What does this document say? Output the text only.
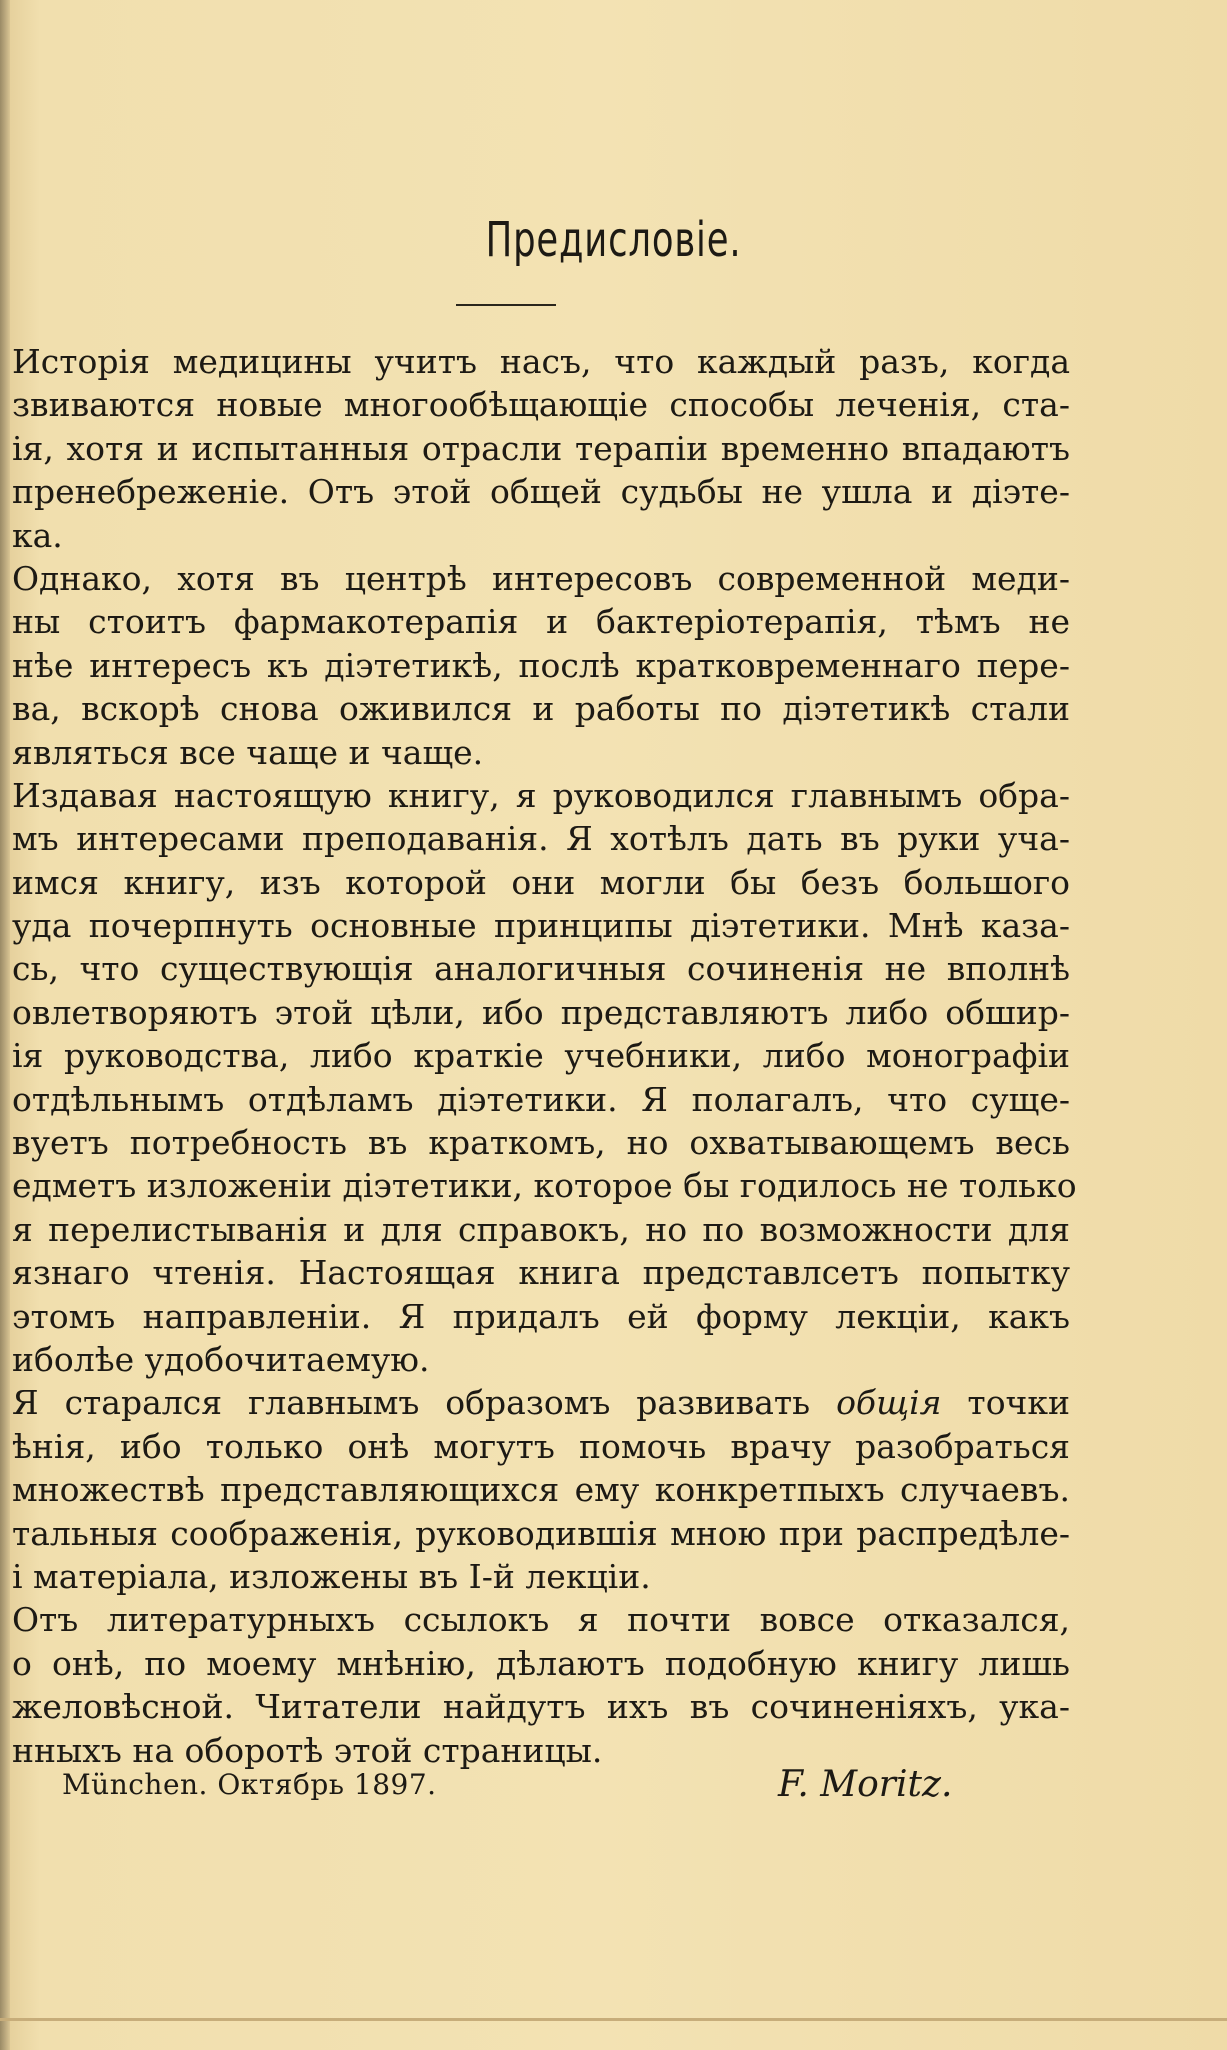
Предисловіе.
Исторія медицины учитъ насъ, что каждый разъ, когда
звиваются новые многообѣщающіе способы леченія, ста-
ія, хотя и испытанныя отрасли терапіи временно впадаютъ
пренебреженіе. Отъ этой общей судьбы не ушла и діэте-
ка.
Однако, хотя въ центрѣ интересовъ современной меди-
ны стоитъ фармакотерапія и бактеріотерапія, тѣмъ не
нѣе интересъ къ діэтетикѣ, послѣ кратковременнаго пере-
ва, вскорѣ снова оживился и работы по діэтетикѣ стали
являться все чаще и чаще.
Издавая настоящую книгу, я руководился главнымъ обра-
мъ интересами преподаванія. Я хотѣлъ дать въ руки уча-
имся книгу, изъ которой они могли бы безъ большого
уда почерпнуть основные принципы діэтетики. Мнѣ каза-
сь, что существующія аналогичныя сочиненія не вполнѣ
овлетворяютъ этой цѣли, ибо представляютъ либо обшир-
ія руководства, либо краткіе учебники, либо монографіи
отдѣльнымъ отдѣламъ діэтетики. Я полагалъ, что суще-
вуетъ потребность въ краткомъ, но охватывающемъ весь
едметъ изложеніи діэтетики, которое бы годилось не только
я перелистыванія и для справокъ, но по возможности для
язнаго чтенія. Настоящая книга представлсетъ попытку
этомъ направленіи. Я придалъ ей форму лекціи, какъ
иболѣе удобочитаемую.
Я старался главнымъ образомъ развивать общія точки
ѣнія, ибо только онѣ могутъ помочь врачу разобраться
множествѣ представляющихся ему конкретпыхъ случаевъ.
тальныя соображенія, руководившія мною при распредѣле-
і матеріала, изложены въ І-й лекціи.
Отъ литературныхъ ссылокъ я почти вовсе отказался,
о онѣ, по моему мнѣнію, дѣлаютъ подобную книгу лишь
желовѣсной. Читатели найдутъ ихъ въ сочиненіяхъ, ука-
нныхъ на оборотѣ этой страницы.
München. Октябрь 1897.	F. Moritz.
